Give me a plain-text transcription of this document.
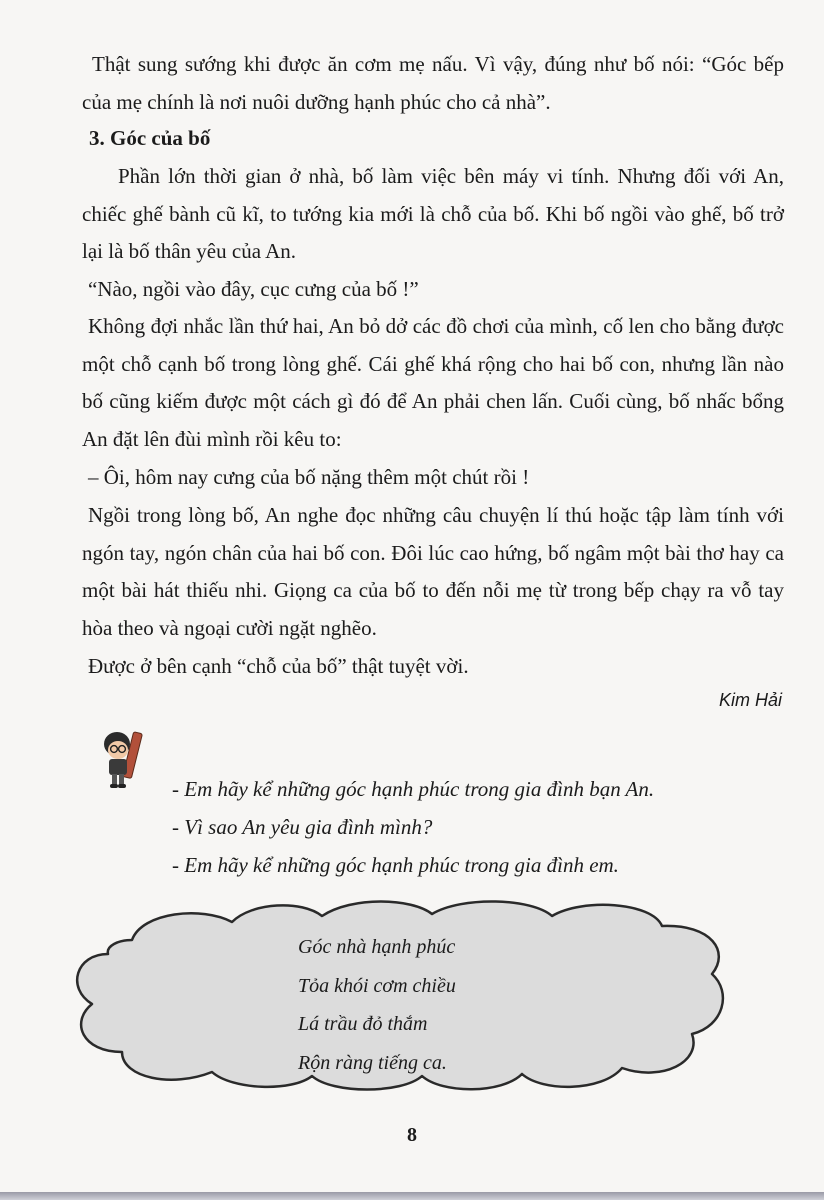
Thật sung sướng khi được ăn cơm mẹ nấu. Vì vậy, đúng như bố nói: “Góc bếp của mẹ chính là nơi nuôi dưỡng hạnh phúc cho cả nhà”.

3. Góc của bố

Phần lớn thời gian ở nhà, bố làm việc bên máy vi tính. Nhưng đối với An, chiếc ghế bành cũ kĩ, to tướng kia mới là chỗ của bố. Khi bố ngồi vào ghế, bố trở lại là bố thân yêu của An.

“Nào, ngồi vào đây, cục cưng của bố !”

Không đợi nhắc lần thứ hai, An bỏ dở các đồ chơi của mình, cố len cho bằng được một chỗ cạnh bố trong lòng ghế. Cái ghế khá rộng cho hai bố con, nhưng lần nào bố cũng kiếm được một cách gì đó để An phải chen lấn. Cuối cùng, bố nhấc bổng An đặt lên đùi mình rồi kêu to:

– Ôi, hôm nay cưng của bố nặng thêm một chút rồi !

Ngồi trong lòng bố, An nghe đọc những câu chuyện lí thú hoặc tập làm tính với ngón tay, ngón chân của hai bố con. Đôi lúc cao hứng, bố ngâm một bài thơ hay ca một bài hát thiếu nhi. Giọng ca của bố to đến nỗi mẹ từ trong bếp chạy ra vỗ tay hòa theo và ngoại cười ngặt nghẽo.

Được ở bên cạnh “chỗ của bố” thật tuyệt vời.

Kim Hải
- Em hãy kể những góc hạnh phúc trong gia đình bạn An.
- Vì sao An yêu gia đình mình?
- Em hãy kể những góc hạnh phúc trong gia đình em.
Góc nhà hạnh phúc
Tỏa khói cơm chiều
Lá trầu đỏ thắm
Rộn ràng tiếng ca.
8
